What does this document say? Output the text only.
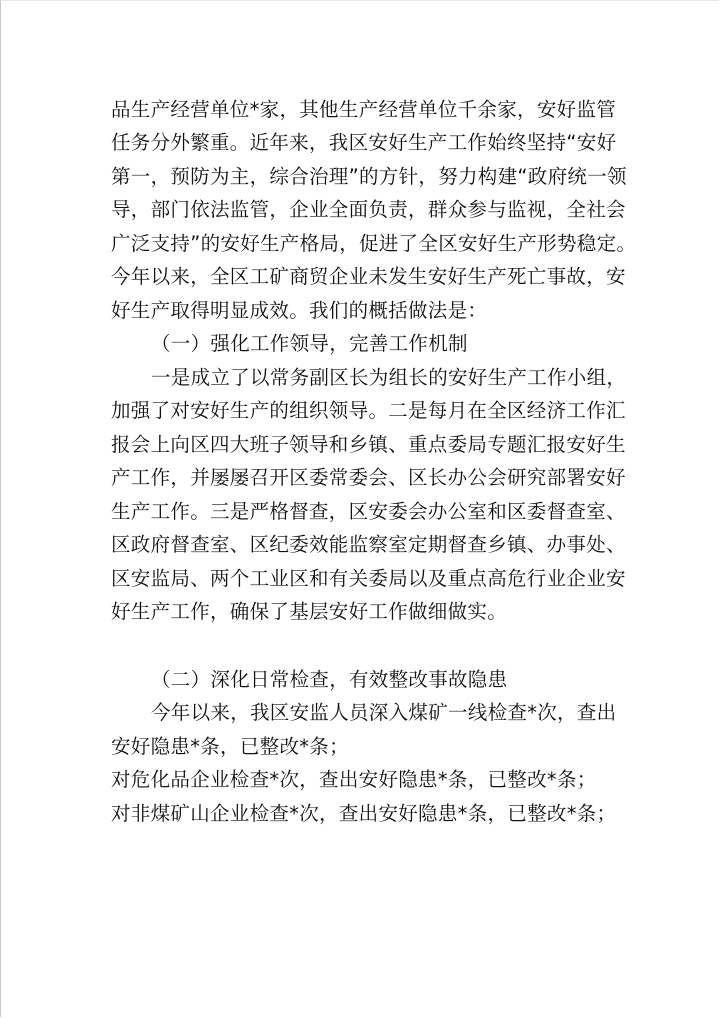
品生产经营单位*家，其他生产经营单位千余家，安好监管
任务分外繁重。近年来，我区安好生产工作始终坚持“安好
第一，预防为主，综合治理”的方针，努力构建“政府统一领
导，部门依法监管，企业全面负责，群众参与监视，全社会
广泛支持”的安好生产格局，促进了全区安好生产形势稳定。
今年以来，全区工矿商贸企业未发生安好生产死亡事故，安
好生产取得明显成效。我们的概括做法是：
（一）强化工作领导，完善工作机制
一是成立了以常务副区长为组长的安好生产工作小组，
加强了对安好生产的组织领导。二是每月在全区经济工作汇
报会上向区四大班子领导和乡镇、重点委局专题汇报安好生
产工作，并屡屡召开区委常委会、区长办公会研究部署安好
生产工作。三是严格督查，区安委会办公室和区委督查室、
区政府督查室、区纪委效能监察室定期督查乡镇、办事处、
区安监局、两个工业区和有关委局以及重点高危行业企业安
好生产工作，确保了基层安好工作做细做实。
（二）深化日常检查，有效整改事故隐患
今年以来，我区安监人员深入煤矿一线检查*次，查出
安好隐患*条，已整改*条；
对危化品企业检查*次，查出安好隐患*条，已整改*条；
对非煤矿山企业检查*次，查出安好隐患*条，已整改*条；
